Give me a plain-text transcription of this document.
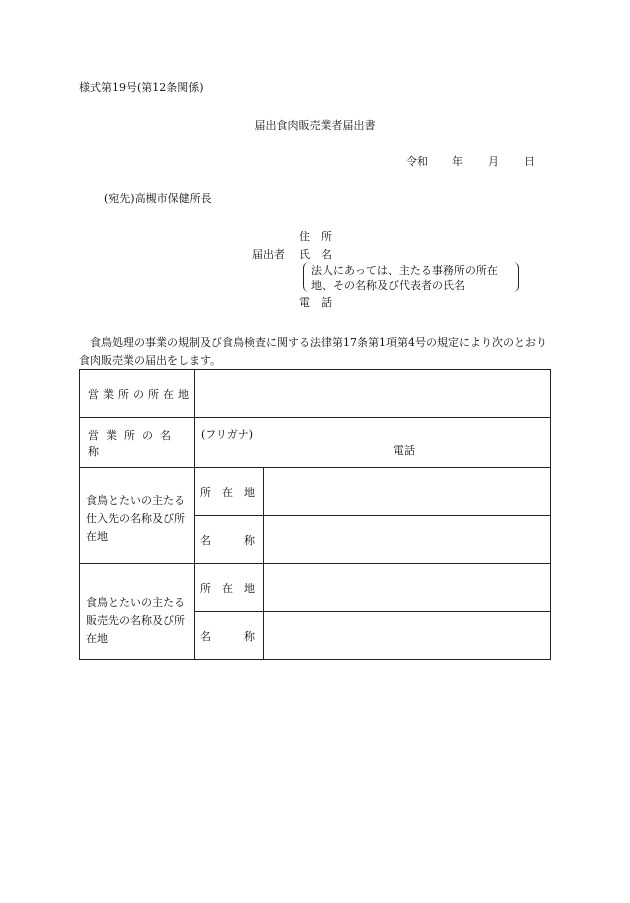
様式第19号(第12条関係)
届出食肉販売業者届出書
令和 年 月 日
(宛先)高槻市保健所長
住　所
届出者 氏　名
法人にあっては、主たる事務所の所在
地、その名称及び代表者の氏名
電　話
食鳥処理の事業の規制及び食鳥検査に関する法律第17条第1項第4号の規定により次のとおり食肉販売業の届出をします。
営業所の所在地		
営業所の名称	(フリガナ)
電話	

食鳥とたいの主たる仕入先の名称及び所在地	所　在　地	
	名　　　称	
食鳥とたいの主たる販売先の名称及び所在地	所　在　地	
	名　　　称	
